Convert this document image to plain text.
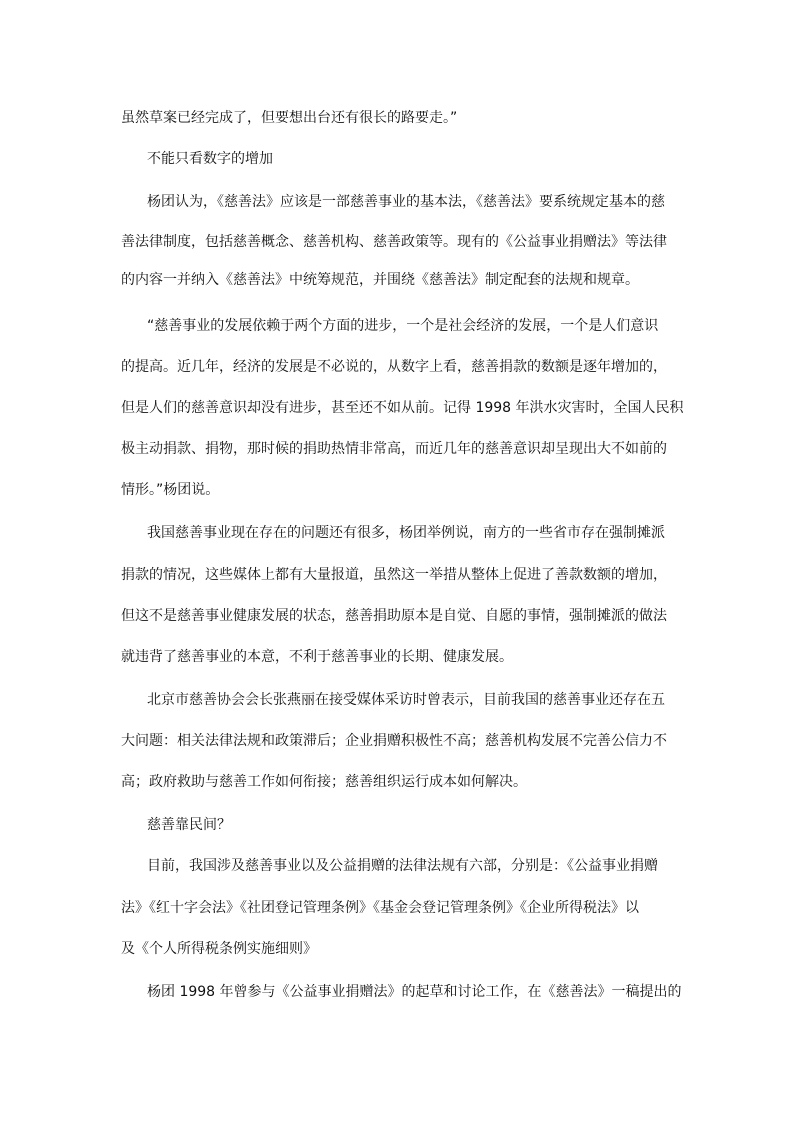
虽然草案已经完成了，但要想出台还有很长的路要走。”
不能只看数字的增加
杨团认为，《慈善法》应该是一部慈善事业的基本法，《慈善法》要系统规定基本的慈
善法律制度，包括慈善概念、慈善机构、慈善政策等。现有的《公益事业捐赠法》等法律
的内容一并纳入《慈善法》中统筹规范，并围绕《慈善法》制定配套的法规和规章。
“慈善事业的发展依赖于两个方面的进步，一个是社会经济的发展，一个是人们意识
的提高。近几年，经济的发展是不必说的，从数字上看，慈善捐款的数额是逐年增加的，
但是人们的慈善意识却没有进步，甚至还不如从前。记得 1998 年洪水灾害时，全国人民积
极主动捐款、捐物，那时候的捐助热情非常高，而近几年的慈善意识却呈现出大不如前的
情形。”杨团说。
我国慈善事业现在存在的问题还有很多，杨团举例说，南方的一些省市存在强制摊派
捐款的情况，这些媒体上都有大量报道，虽然这一举措从整体上促进了善款数额的增加，
但这不是慈善事业健康发展的状态，慈善捐助原本是自觉、自愿的事情，强制摊派的做法
就违背了慈善事业的本意，不利于慈善事业的长期、健康发展。
北京市慈善协会会长张燕丽在接受媒体采访时曾表示，目前我国的慈善事业还存在五
大问题：相关法律法规和政策滞后；企业捐赠积极性不高；慈善机构发展不完善公信力不
高；政府救助与慈善工作如何衔接；慈善组织运行成本如何解决。
慈善靠民间？
目前，我国涉及慈善事业以及公益捐赠的法律法规有六部，分别是：《公益事业捐赠
法》《红十字会法》《社团登记管理条例》《基金会登记管理条例》《企业所得税法》以
及《个人所得税条例实施细则》
杨团 1998 年曾参与《公益事业捐赠法》的起草和讨论工作，在《慈善法》一稿提出的
